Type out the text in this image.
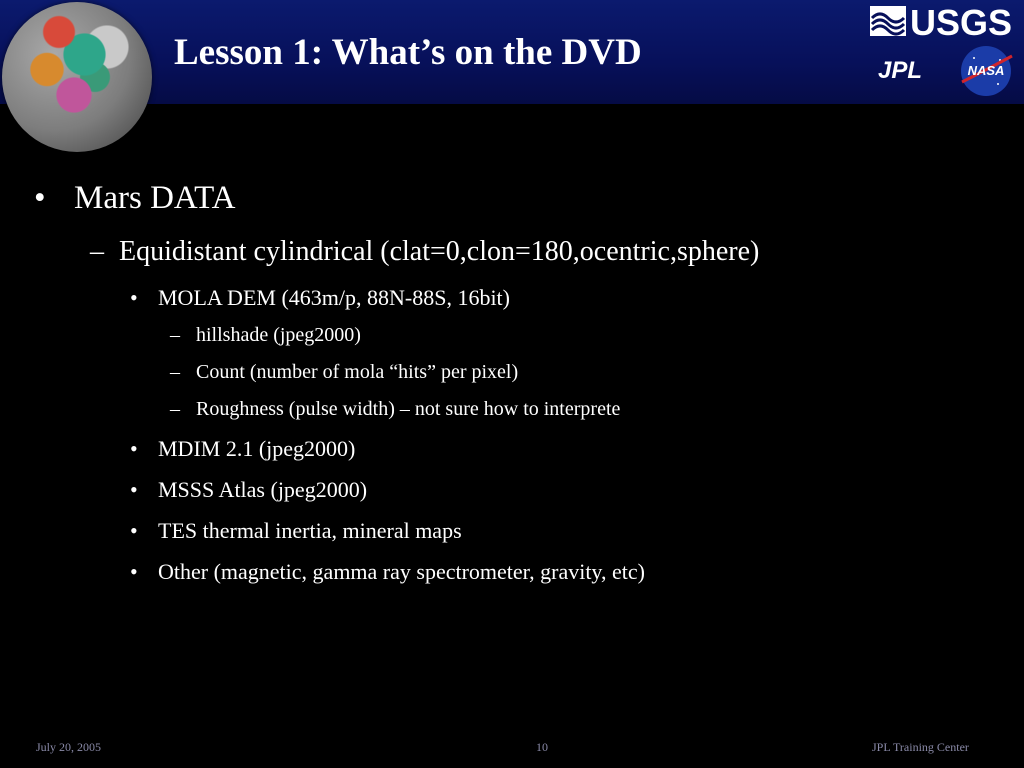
Lesson 1: What’s on the DVD
USGS
JPL	NASA
• Mars DATA
– Equidistant cylindrical (clat=0,clon=180,ocentric,sphere)
• MOLA DEM (463m/p, 88N-88S, 16bit)
– hillshade (jpeg2000)
– Count (number of mola “hits” per pixel)
– Roughness (pulse width) – not sure how to interprete
• MDIM 2.1 (jpeg2000)
• MSSS Atlas (jpeg2000)
• TES thermal inertia, mineral maps
• Other (magnetic, gamma ray spectrometer, gravity, etc)
July 20, 2005	10	JPL Training Center
